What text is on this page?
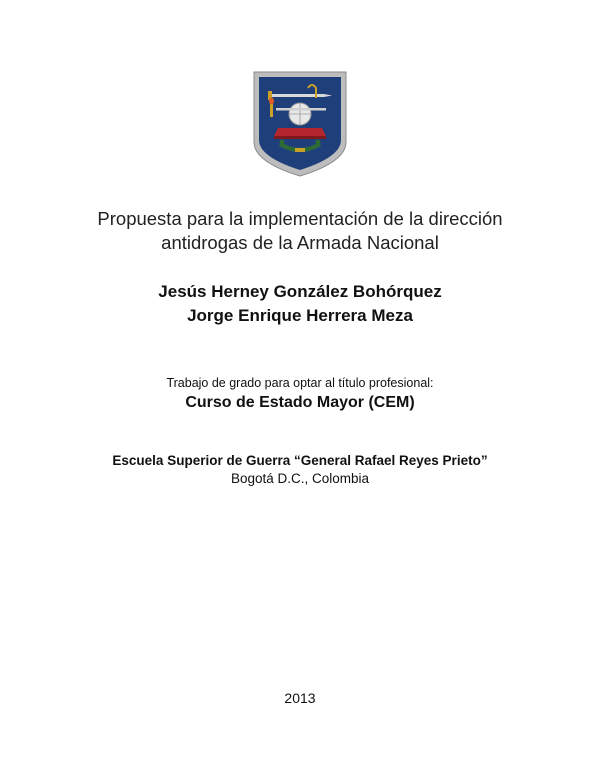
Propuesta para la implementación de la dirección
antidrogas de la Armada Nacional
Jesús Herney González Bohórquez
Jorge Enrique Herrera Meza
Trabajo de grado para optar al título profesional:
Curso de Estado Mayor (CEM)
Escuela Superior de Guerra “General Rafael Reyes Prieto”
Bogotá D.C., Colombia
2013
